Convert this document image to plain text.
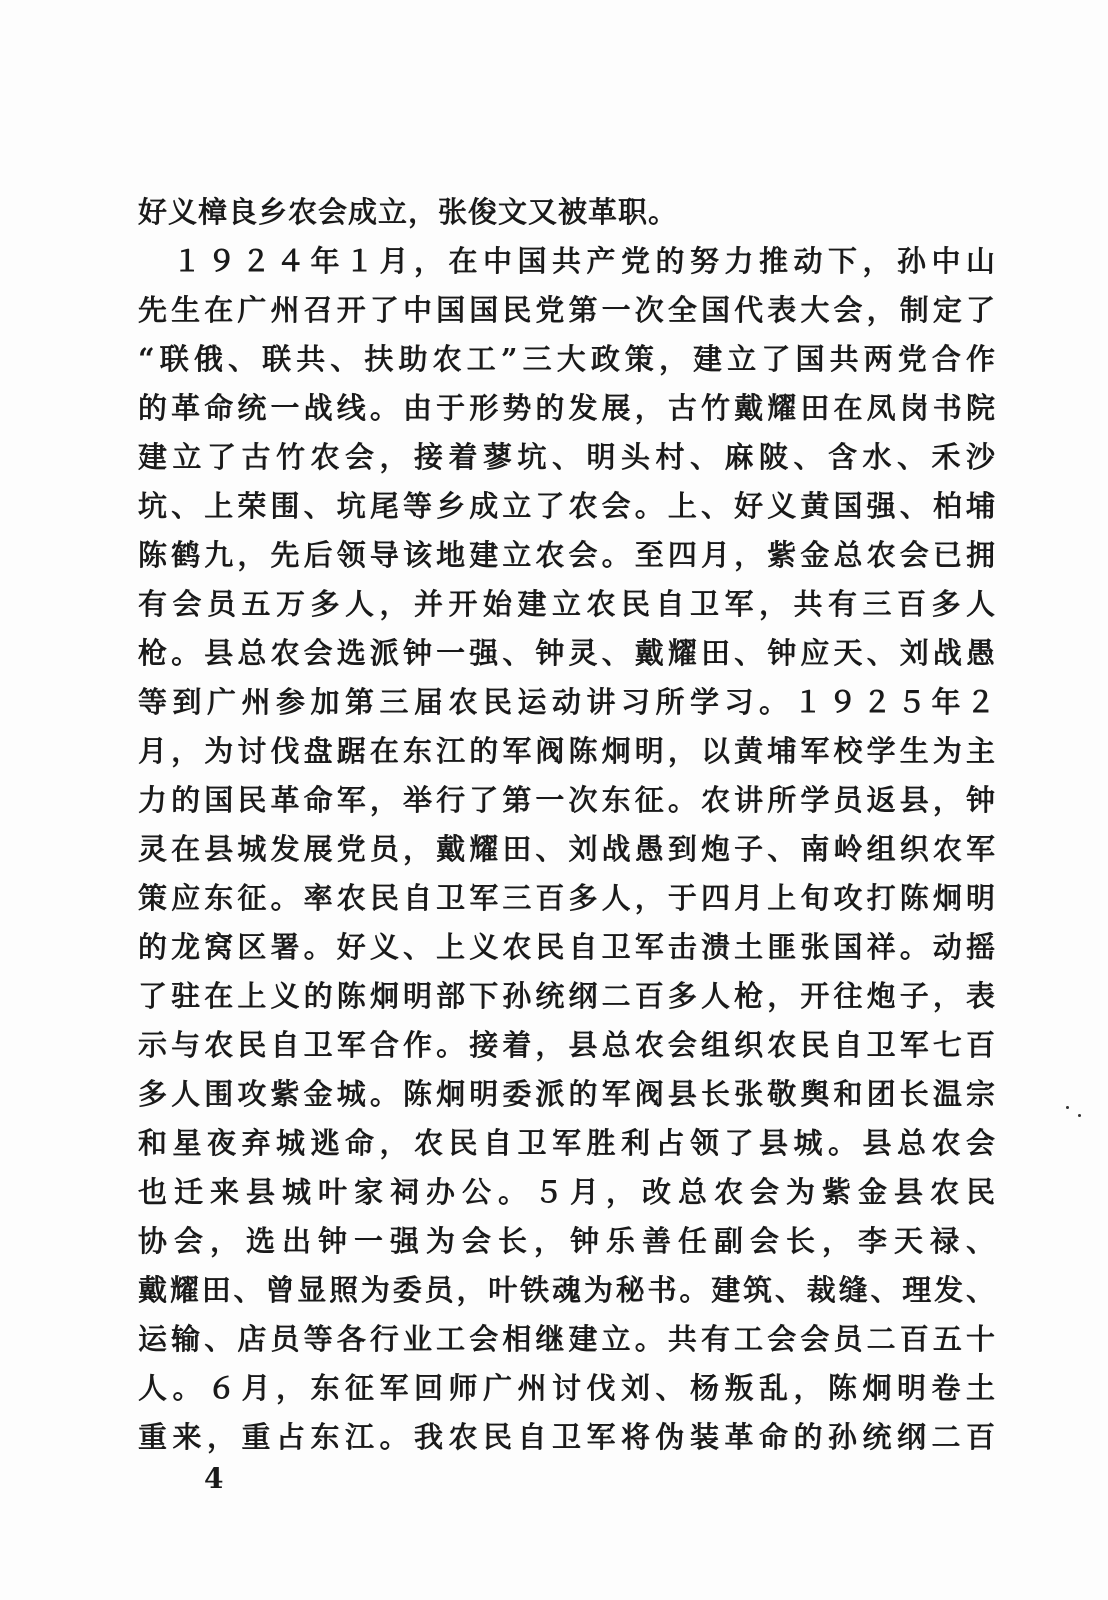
好义樟良乡农会成立，张俊文又被革职。
　１９２４年１月，在中国共产党的努力推动下，孙中山
先生在广州召开了中国国民党第一次全国代表大会，制定了
“联俄、联共、扶助农工”三大政策，建立了国共两党合作
的革命统一战线。由于形势的发展，古竹戴耀田在凤岗书院
建立了古竹农会，接着蓼坑、明头村、麻陂、含水、禾沙
坑、上荣围、坑尾等乡成立了农会。上、好义黄国强、柏埔
陈鹤九，先后领导该地建立农会。至四月，紫金总农会已拥
有会员五万多人，并开始建立农民自卫军，共有三百多人
枪。县总农会选派钟一强、钟灵、戴耀田、钟应天、刘战愚
等到广州参加第三届农民运动讲习所学习。１９２５年２
月，为讨伐盘踞在东江的军阀陈炯明，以黄埔军校学生为主
力的国民革命军，举行了第一次东征。农讲所学员返县，钟
灵在县城发展党员，戴耀田、刘战愚到炮子、南岭组织农军
策应东征。率农民自卫军三百多人，于四月上旬攻打陈炯明
的龙窝区署。好义、上义农民自卫军击溃土匪张国祥。动摇
了驻在上义的陈炯明部下孙统纲二百多人枪，开往炮子，表
示与农民自卫军合作。接着，县总农会组织农民自卫军七百
多人围攻紫金城。陈炯明委派的军阀县长张敬舆和团长温宗
和星夜弃城逃命，农民自卫军胜利占领了县城。县总农会
也迁来县城叶家祠办公。５月，改总农会为紫金县农民
协会，选出钟一强为会长，钟乐善任副会长，李天禄、
戴耀田、曾显照为委员，叶铁魂为秘书。建筑、裁缝、理发、
运输、店员等各行业工会相继建立。共有工会会员二百五十
人。６月，东征军回师广州讨伐刘、杨叛乱，陈炯明卷土
重来，重占东江。我农民自卫军将伪装革命的孙统纲二百
4
